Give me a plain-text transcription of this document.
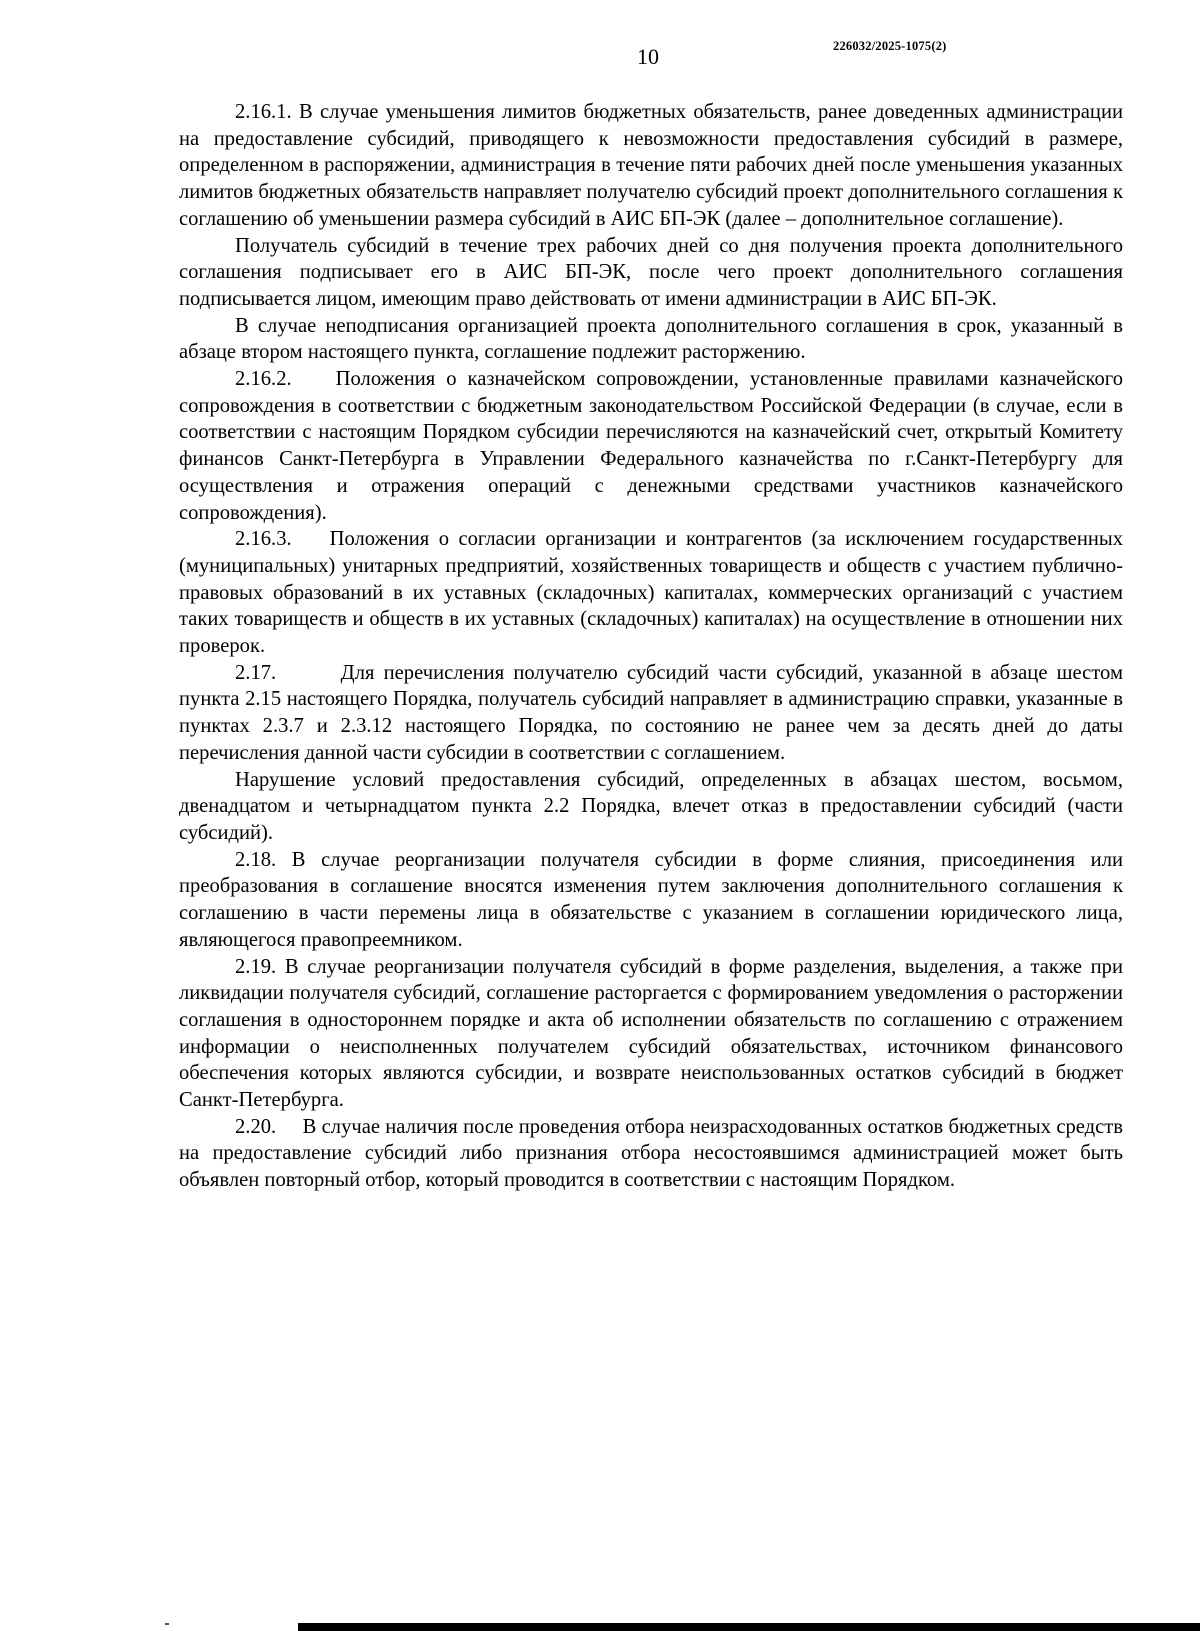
10	226032/2025-1075(2)

2.16.1. В случае уменьшения лимитов бюджетных обязательств, ранее доведенных администрации на предоставление субсидий, приводящего к невозможности предоставления субсидий в размере, определенном в распоряжении, администрация в течение пяти рабочих дней после уменьшения указанных лимитов бюджетных обязательств направляет получателю субсидий проект дополнительного соглашения к соглашению об уменьшении размера субсидий в АИС БП-ЭК (далее – дополнительное соглашение).

Получатель субсидий в течение трех рабочих дней со дня получения проекта дополнительного соглашения подписывает его в АИС БП-ЭК, после чего проект дополнительного соглашения подписывается лицом, имеющим право действовать от имени администрации в АИС БП-ЭК.

В случае неподписания организацией проекта дополнительного соглашения в срок, указанный в абзаце втором настоящего пункта, соглашение подлежит расторжению.

2.16.2. Положения о казначейском сопровождении, установленные правилами казначейского сопровождения в соответствии с бюджетным законодательством Российской Федерации (в случае, если в соответствии с настоящим Порядком субсидии перечисляются на казначейский счет, открытый Комитету финансов Санкт-Петербурга в Управлении Федерального казначейства по г.Санкт-Петербургу для осуществления и отражения операций с денежными средствами участников казначейского сопровождения).

2.16.3. Положения о согласии организации и контрагентов (за исключением государственных (муниципальных) унитарных предприятий, хозяйственных товариществ и обществ с участием публично-правовых образований в их уставных (складочных) капиталах, коммерческих организаций с участием таких товариществ и обществ в их уставных (складочных) капиталах) на осуществление в отношении них проверок.

2.17.	Для перечисления получателю субсидий части субсидий, указанной в абзаце шестом пункта 2.15 настоящего Порядка, получатель субсидий направляет в администрацию справки, указанные в пунктах 2.3.7 и 2.3.12 настоящего Порядка, по состоянию не ранее чем за десять дней до даты перечисления данной части субсидии в соответствии с соглашением.

Нарушение условий предоставления субсидий, определенных в абзацах шестом, восьмом, двенадцатом и четырнадцатом пункта 2.2 Порядка, влечет отказ в предоставлении субсидий (части субсидий).

2.18. В случае реорганизации получателя субсидии в форме слияния, присоединения или преобразования в соглашение вносятся изменения путем заключения дополнительного соглашения к соглашению в части перемены лица в обязательстве с указанием в соглашении юридического лица, являющегося правопреемником.

2.19. В случае реорганизации получателя субсидий в форме разделения, выделения, а также при ликвидации получателя субсидий, соглашение расторгается с формированием уведомления о расторжении соглашения в одностороннем порядке и акта об исполнении обязательств по соглашению с отражением информации о неисполненных получателем субсидий обязательствах, источником финансового обеспечения которых являются субсидии, и возврате неиспользованных остатков субсидий в бюджет Санкт-Петербурга.

2.20. В случае наличия после проведения отбора неизрасходованных остатков бюджетных средств на предоставление субсидий либо признания отбора несостоявшимся администрацией может быть объявлен повторный отбор, который проводится в соответствии с настоящим Порядком.
